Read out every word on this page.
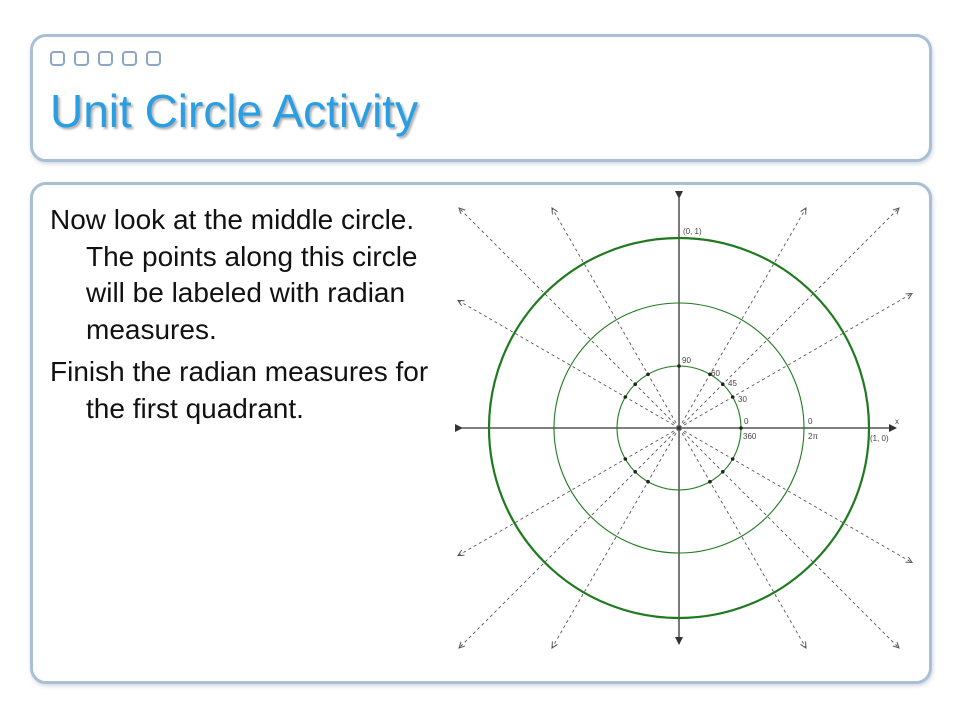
Unit Circle Activity

Now look at the middle circle. The points along this circle will be labeled with radian measures.

Finish the radian measures for the first quadrant.

(0, 1)
(1, 0)
x
90
60
45
30
0
360
0
2π
